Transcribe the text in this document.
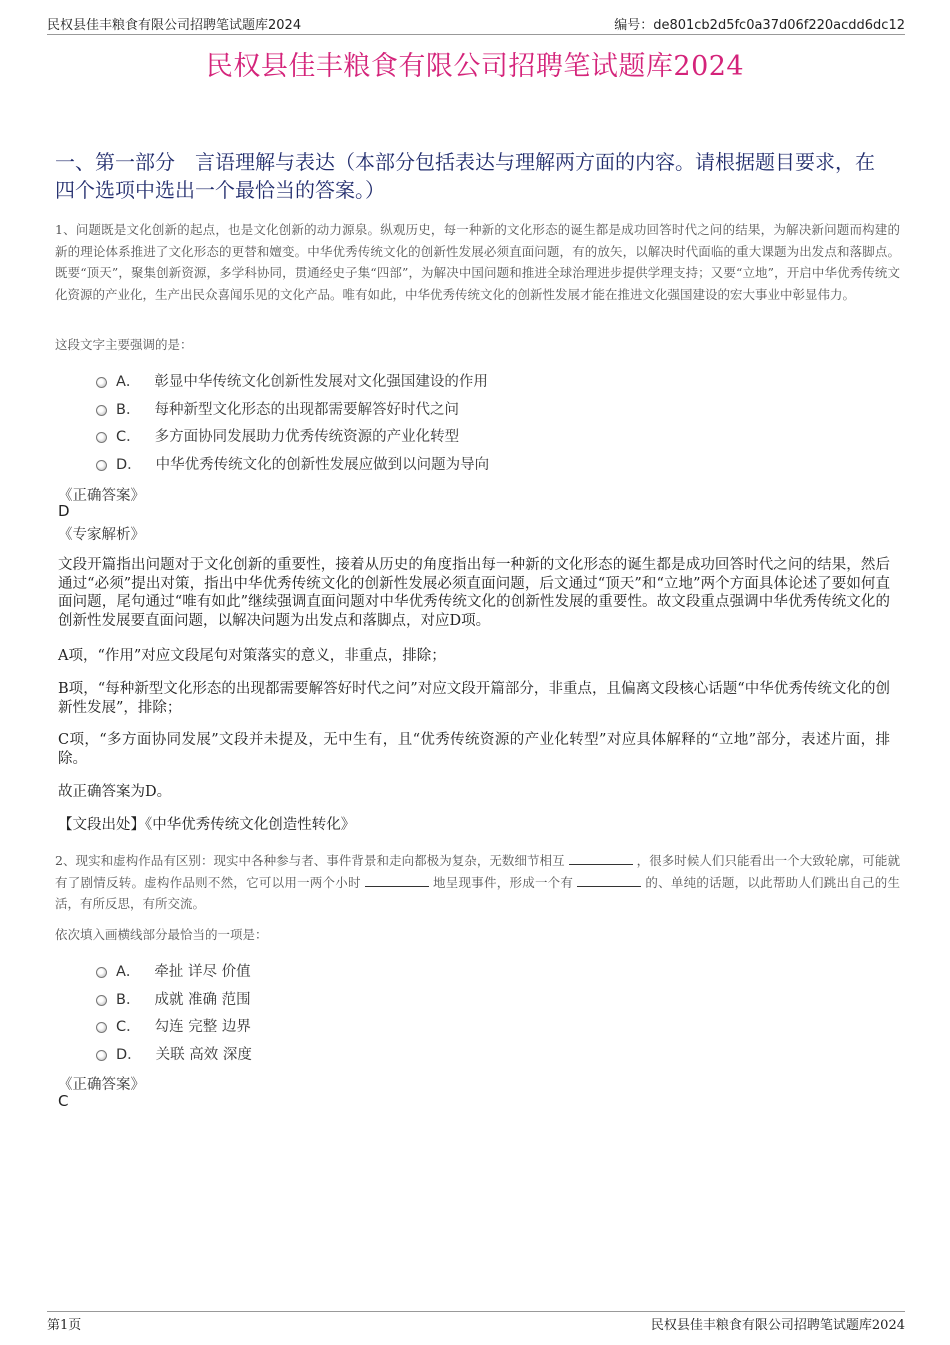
民权县佳丰粮食有限公司招聘笔试题库2024	编号：de801cb2d5fc0a37d06f220acdd6dc12
民权县佳丰粮食有限公司招聘笔试题库2024
一、第一部分　言语理解与表达（本部分包括表达与理解两方面的内容。请根据题目要求，在四个选项中选出一个最恰当的答案。）
1、问题既是文化创新的起点，也是文化创新的动力源泉。纵观历史，每一种新的文化形态的诞生都是成功回答时代之问的结果，为解决新问题而构建的新的理论体系推进了文化形态的更替和嬗变。中华优秀传统文化的创新性发展必须直面问题，有的放矢，以解决时代面临的重大课题为出发点和落脚点。既要“顶天”，聚集创新资源，多学科协同，贯通经史子集“四部”，为解决中国问题和推进全球治理进步提供学理支持；又要“立地”，开启中华优秀传统文化资源的产业化，生产出民众喜闻乐见的文化产品。唯有如此，中华优秀传统文化的创新性发展才能在推进文化强国建设的宏大事业中彰显伟力。
这段文字主要强调的是：
A． 彰显中华传统文化创新性发展对文化强国建设的作用
B． 每种新型文化形态的出现都需要解答好时代之问
C． 多方面协同发展助力优秀传统资源的产业化转型
D． 中华优秀传统文化的创新性发展应做到以问题为导向
《正确答案》
D
《专家解析》
文段开篇指出问题对于文化创新的重要性，接着从历史的角度指出每一种新的文化形态的诞生都是成功回答时代之问的结果，然后通过“必须”提出对策，指出中华优秀传统文化的创新性发展必须直面问题，后文通过“顶天”和“立地”两个方面具体论述了要如何直面问题，尾句通过“唯有如此”继续强调直面问题对中华优秀传统文化的创新性发展的重要性。故文段重点强调中华优秀传统文化的创新性发展要直面问题，以解决问题为出发点和落脚点，对应D项。
A项，“作用”对应文段尾句对策落实的意义，非重点，排除；
B项，“每种新型文化形态的出现都需要解答好时代之问”对应文段开篇部分，非重点，且偏离文段核心话题“中华优秀传统文化的创新性发展”，排除；
C项，“多方面协同发展”文段并未提及，无中生有，且“优秀传统资源的产业化转型”对应具体解释的“立地”部分，表述片面，排除。
故正确答案为D。
【文段出处】《中华优秀传统文化创造性转化》
2、现实和虚构作品有区别：现实中各种参与者、事件背景和走向都极为复杂，无数细节相互	，很多时候人们只能看出一个大致轮廓，可能就有了剧情反转。虚构作品则不然，它可以用一两个小时	地呈现事件，形成一个有	的、单纯的话题，以此帮助人们跳出自己的生活，有所反思，有所交流。
依次填入画横线部分最恰当的一项是：
A． 牵扯 详尽 价值
B． 成就 准确 范围
C． 勾连 完整 边界
D． 关联 高效 深度
《正确答案》
C
第1页	民权县佳丰粮食有限公司招聘笔试题库2024
